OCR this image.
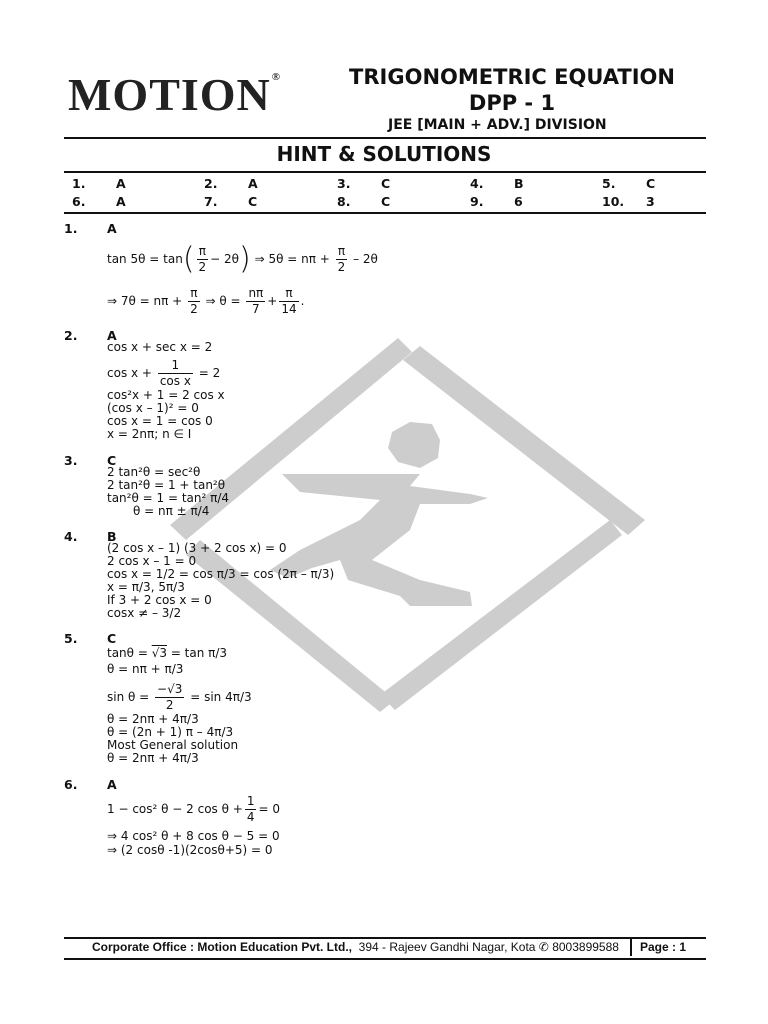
MOTION®	TRIGONOMETRIC EQUATION
DPP - 1
JEE [MAIN + ADV.] DIVISION
HINT & SOLUTIONS
1. A	2. A	3. C	4. B	5. C
6. A	7. C	8. C	9. 6	10. 3
1. A
$\tan 5\theta = \tan( \frac{\pi}{2} - 2\theta)$ ⇒ $5\theta = n\pi + \frac{\pi}{2} - 2\theta$
⇒ $7\theta = n\pi + \frac{\pi}{2}$ ⇒ $\theta = \frac{n\pi}{7} + \frac{\pi}{14}$ .
2. A
cos x + sec x = 2
$\cos x + \frac{1}{\text{cos x}} = 2$
cos²x + 1 = 2 cos x
(cos x – 1)² = 0
cos x = 1 = cos 0
x = 2nπ; n ∈ I
3. C
2 tan²θ = sec²θ
2 tan²θ = 1 + tan²θ
tan²θ = 1 = tan² π/4
θ = nπ ± π/4
4. B
(2 cos x – 1) (3 + 2 cos x) = 0
2 cos x – 1 = 0
cos x = 1/2 = cos π/3 = cos (2π – π/3)
x = π/3, 5π/3
If 3 + 2 cos x = 0
cosx ≠ – 3/2
5. C
tanθ = √3 = tan π/3
θ = nπ + π/3
$\sin \theta = \frac{-√3}{2} = \sin 4\pi/3$
θ = 2nπ + 4π/3
θ = (2n + 1) π – 4π/3
Most General solution
θ = 2nπ + 4π/3
6. A
1 − cos² θ − 2 $\cos \theta + \frac{1}{4} = 0$
⇒ 4 cos² θ + 8 cos θ − 5 = 0
⇒ (2 cosθ -1)(2cosθ+5) = 0
Corporate Office : Motion Education Pvt. Ltd., 394 - Rajeev Gandhi Nagar, Kota ✆ 8003899588 Page : 1
